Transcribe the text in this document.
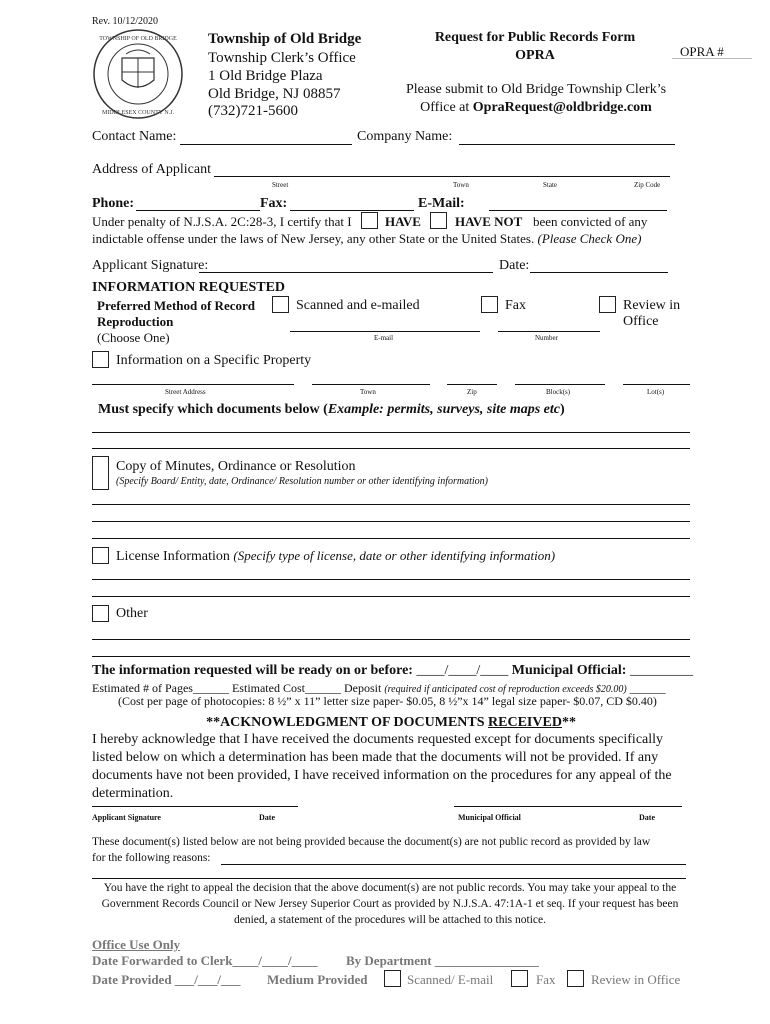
Rev. 10/12/2020
TOWNSHIP OF OLD BRIDGE
MIDDLESEX COUNTY N.J.
Township of Old Bridge
Township Clerk’s Office
1 Old Bridge Plaza
Old Bridge, NJ 08857
(732)721-5600
Request for Public Records Form
OPRA	OPRA #
Please submit to Old Bridge Township Clerk’s
Office at OpraRequest@oldbridge.com
Contact Name:	Company Name:
Address of Applicant
Street	Town	State	Zip Code
Phone:	Fax:	E-Mail:
Under penalty of N.J.S.A. 2C:28-3, I certify that I	HAVE	HAVE NOT been convicted of any
indictable offense under the laws of New Jersey, any other State or the United States. (Please Check One)
Applicant Signature:	Date:
INFORMATION REQUESTED
Preferred Method of Record
Reproduction
(Choose One)
Scanned and e-mailed
E-mail
Fax
Number
Review in
Office
Information on a Specific Property
Street Address	Town	Zip	Block(s)	Lot(s)
Must specify which documents below (Example: permits, surveys, site maps etc)
Copy of Minutes, Ordinance or Resolution
(Specify Board/ Entity, date, Ordinance/ Resolution number or other identifying information)
License Information (Specify type of license, date or other identifying information)
Other
The information requested will be ready on or before: ____/____/____ Municipal Official: _________
Estimated # of Pages______ Estimated Cost______ Deposit (required if anticipated cost of reproduction exceeds $20.00) ______
(Cost per page of photocopies: 8 ½” x 11” letter size paper- $0.05, 8 ½”x 14” legal size paper- $0.07, CD $0.40)
**ACKNOWLEDGMENT OF DOCUMENTS RECEIVED**
I hereby acknowledge that I have received the documents requested except for documents specifically listed below on which a determination has been made that the documents will not be provided. If any documents have not been provided, I have received information on the procedures for any appeal of the determination.
Applicant Signature	Date	Municipal Official	Date
These document(s) listed below are not being provided because the document(s) are not public record as provided by law
for the following reasons:
You have the right to appeal the decision that the above document(s) are not public records. You may take your appeal to the Government Records Council or New Jersey Superior Court as provided by N.J.S.A. 47:1A-1 et seq. If your request has been denied, a statement of the procedures will be attached to this notice.
Office Use Only
Date Forwarded to Clerk____/____/____ By Department ________________
Date Provided ___/___/___ Medium Provided	Scanned/ E-mail	Fax	Review in Office
